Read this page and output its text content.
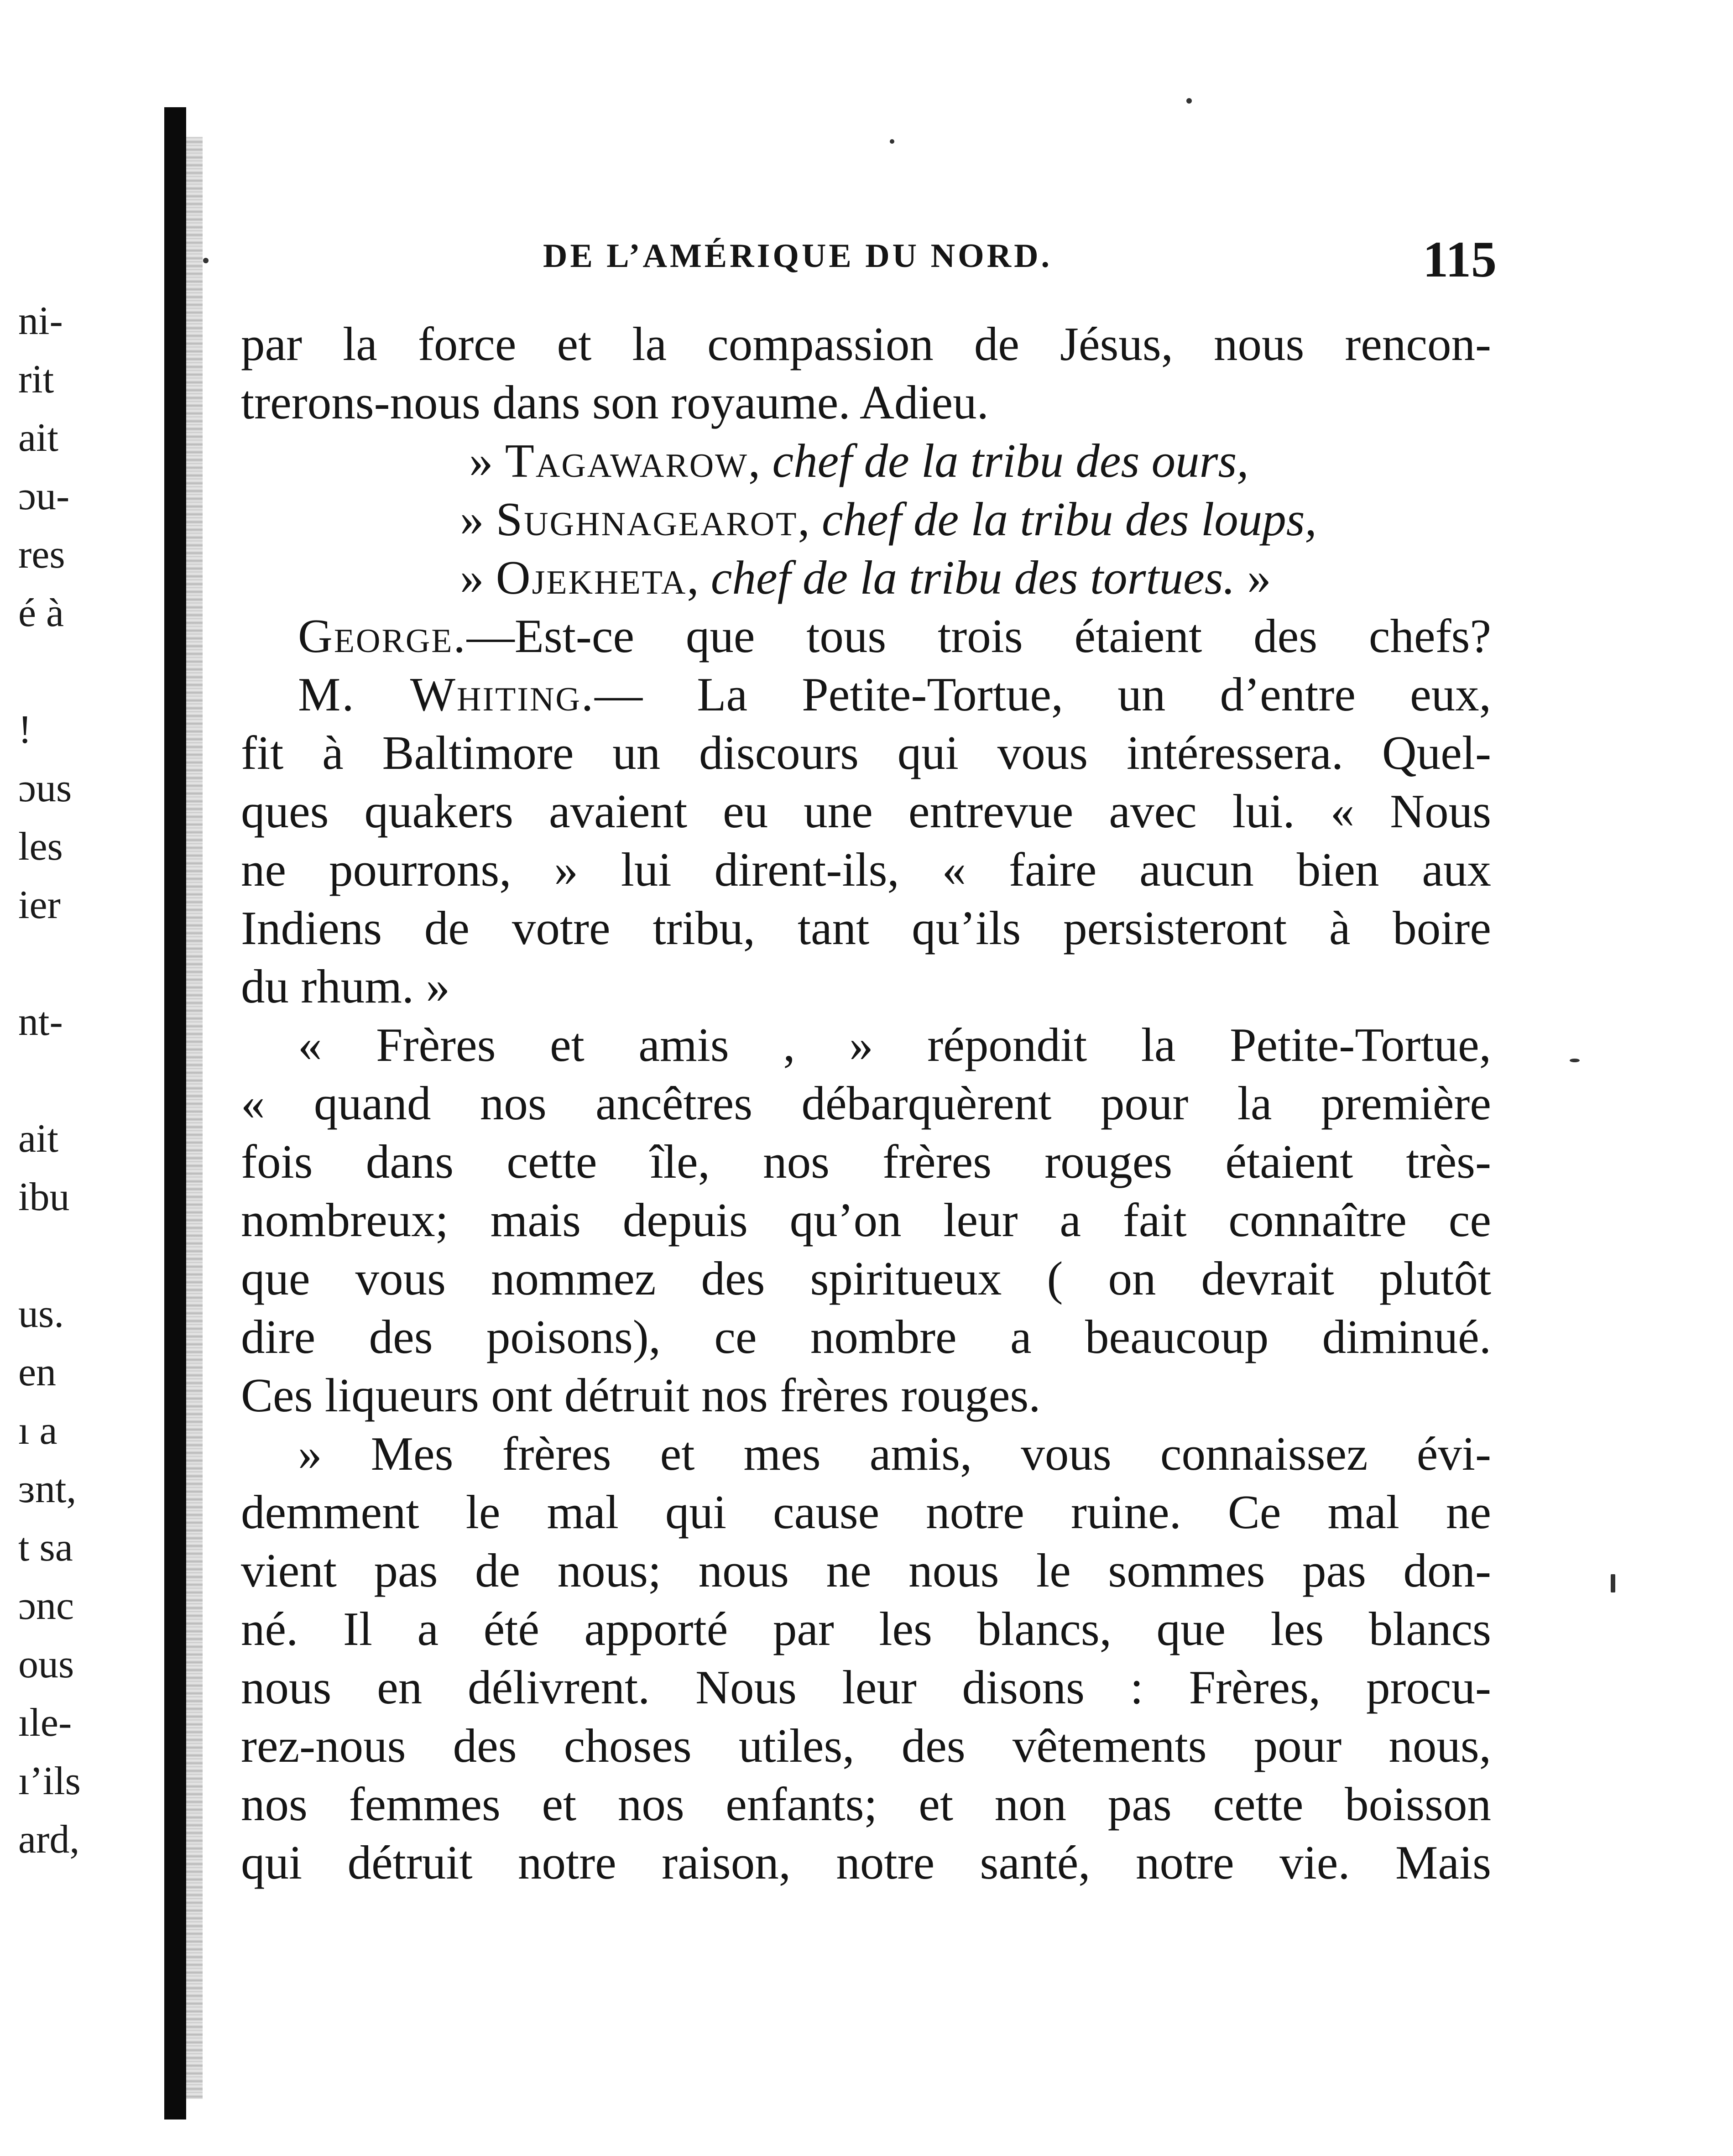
ni-
rit
ait
ɔu-
res
é à
!
ɔus
les
ier
nt-
ait
ibu
us.
en
ı a
ɜnt,
t sa
ɔnc
ous
ıle-
ı’ils
ard,
DE L’AMÉRIQUE DU NORD.	115
par la force et la compassion de Jésus, nous rencon-
trerons-nous dans son royaume. Adieu.
» Tagawarow, chef de la tribu des ours,
» Sughnagearot, chef de la tribu des loups,
» Ojekheta, chef de la tribu des tortues. »
George.—Est-ce que tous trois étaient des chefs?
M. Whiting.— La Petite-Tortue, un d’entre eux,
fit à Baltimore un discours qui vous intéressera. Quel-
ques quakers avaient eu une entrevue avec lui. « Nous
ne pourrons, » lui dirent-ils, « faire aucun bien aux
Indiens de votre tribu, tant qu’ils persisteront à boire
du rhum. »
« Frères et amis , » répondit la Petite-Tortue,
« quand nos ancêtres débarquèrent pour la première
fois dans cette île, nos frères rouges étaient très-
nombreux; mais depuis qu’on leur a fait connaître ce
que vous nommez des spiritueux ( on devrait plutôt
dire des poisons), ce nombre a beaucoup diminué.
Ces liqueurs ont détruit nos frères rouges.
» Mes frères et mes amis, vous connaissez évi-
demment le mal qui cause notre ruine. Ce mal ne
vient pas de nous; nous ne nous le sommes pas don-
né. Il a été apporté par les blancs, que les blancs
nous en délivrent. Nous leur disons : Frères, procu-
rez-nous des choses utiles, des vêtements pour nous,
nos femmes et nos enfants; et non pas cette boisson
qui détruit notre raison, notre santé, notre vie. Mais
